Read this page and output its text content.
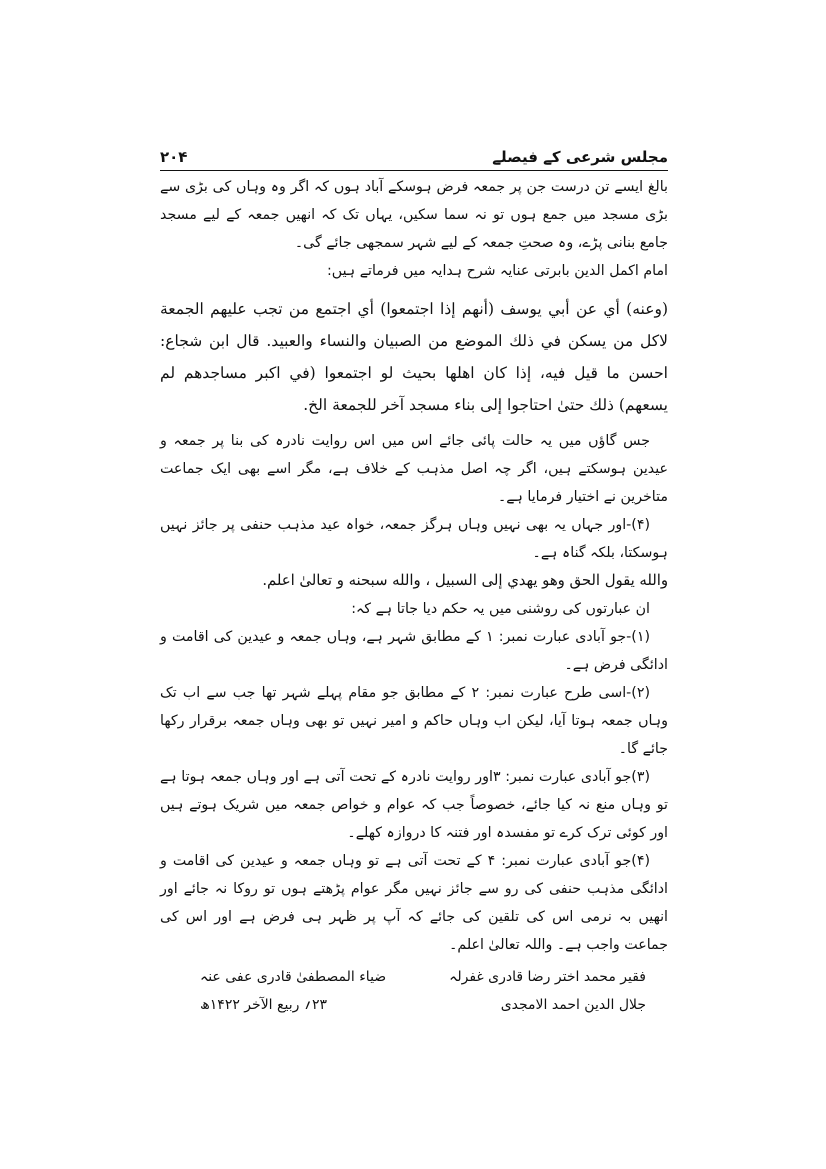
مجلس شرعی کے فیصلے
۲۰۴

بالغ ایسے تن درست جن پر جمعہ فرض ہوسکے آباد ہوں کہ اگر وہ وہاں کی بڑی سے بڑی مسجد میں جمع ہوں تو نہ سما سکیں، یہاں تک کہ انھیں جمعہ کے لیے مسجد جامع بنانی پڑے، وہ صحتِ جمعہ کے لیے شہر سمجھی جائے گی۔

امام اکمل الدین بابرتی عنایہ شرح ہدایہ میں فرماتے ہیں:

(وعنه) أي عن أبي يوسف (أنهم إذا اجتمعوا) أي اجتمع من تجب عليهم الجمعة لاكل من يسكن في ذلك الموضع من الصبيان والنساء والعبيد. قال ابن شجاع: احسن ما قيل فيه، إذا كان اهلها بحيث لو اجتمعوا (في اكبر مساجدهم لم يسعهم) ذلك حتىٰ احتاجوا إلى بناء مسجد آخر للجمعة الخ.

جس گاؤں میں یہ حالت پائی جائے اس میں اس روایت نادرہ کی بنا پر جمعہ و عیدین ہوسکتے ہیں، اگر چہ اصل مذہب کے خلاف ہے، مگر اسے بھی ایک جماعت متاخرین نے اختیار فرمایا ہے۔

(۴)-اور جہاں یہ بھی نہیں وہاں ہرگز جمعہ، خواہ عید مذہب حنفی پر جائز نہیں ہوسکتا، بلکہ گناہ ہے۔

والله يقول الحق وهو يهدي إلى السبيل ، والله سبحنه و تعالىٰ اعلم.

ان عبارتوں کی روشنی میں یہ حکم دیا جاتا ہے کہ:

(۱)-جو آبادی عبارت نمبر: ۱ کے مطابق شہر ہے، وہاں جمعہ و عیدین کی اقامت و ادائگی فرض ہے۔

(۲)-اسی طرح عبارت نمبر: ۲ کے مطابق جو مقام پہلے شہر تھا جب سے اب تک وہاں جمعہ ہوتا آیا، لیکن اب وہاں حاکم و امیر نہیں تو بھی وہاں جمعہ برقرار رکھا جائے گا۔

(۳)جو آبادی عبارت نمبر: ۳اور روایت نادرہ کے تحت آتی ہے اور وہاں جمعہ ہوتا ہے تو وہاں منع نہ کیا جائے، خصوصاً جب کہ عوام و خواص جمعہ میں شریک ہوتے ہیں اور کوئی ترک کرے تو مفسدہ اور فتنہ کا دروازہ کھلے۔

(۴)جو آبادی عبارت نمبر: ۴ کے تحت آتی ہے تو وہاں جمعہ و عیدین کی اقامت و ادائگی مذہب حنفی کی رو سے جائز نہیں مگر عوام پڑھتے ہوں تو روکا نہ جائے اور انھیں بہ نرمی اس کی تلقین کی جائے کہ آپ پر ظہر ہی فرض ہے اور اس کی جماعت واجب ہے۔ واللہ تعالیٰ اعلم۔

فقیر محمد اختر رضا قادری غفرلہ
ضیاء المصطفیٰ قادری عفی عنہ
جلال الدین احمد الامجدی
۲۳؍ ربیع الآخر ۱۴۲۲ھ
